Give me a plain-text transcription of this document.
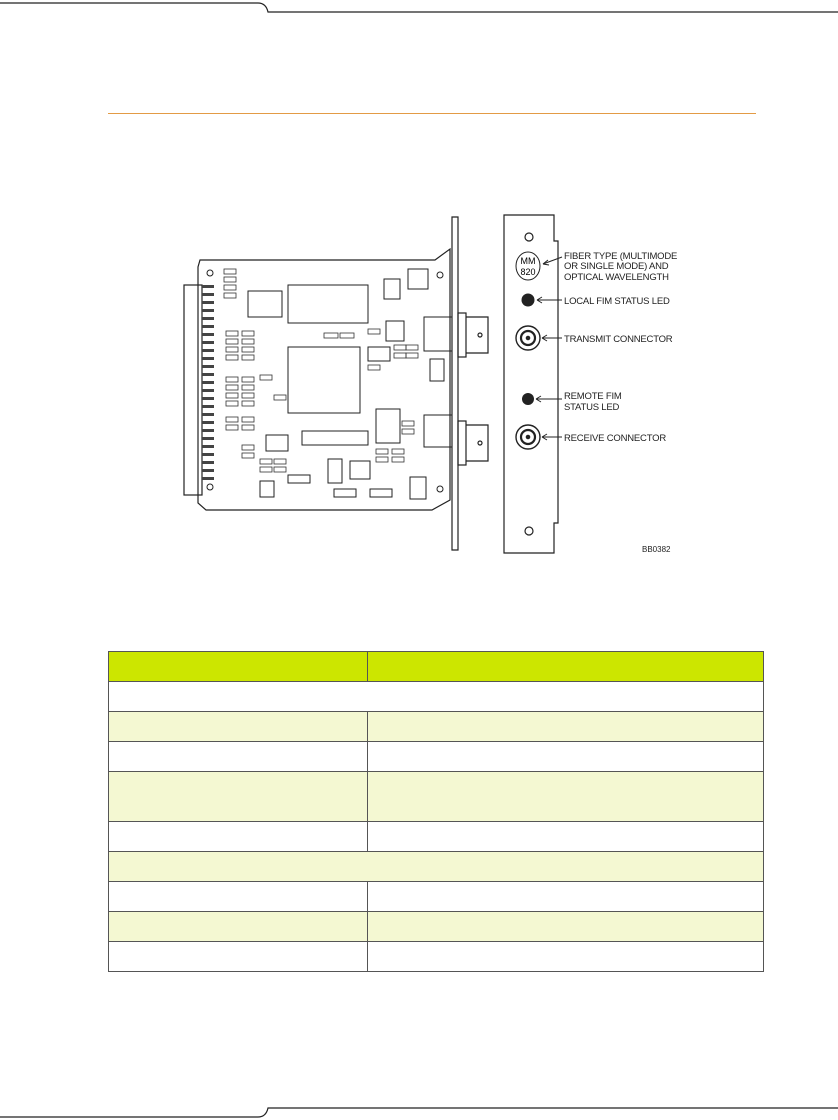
MM
820
FIBER TYPE (MULTIMODE
OR SINGLE MODE) AND
OPTICAL WAVELENGTH
LOCAL FIM STATUS LED
TRANSMIT CONNECTOR
REMOTE FIM
STATUS LED
RECEIVE CONNECTOR
BB0382
